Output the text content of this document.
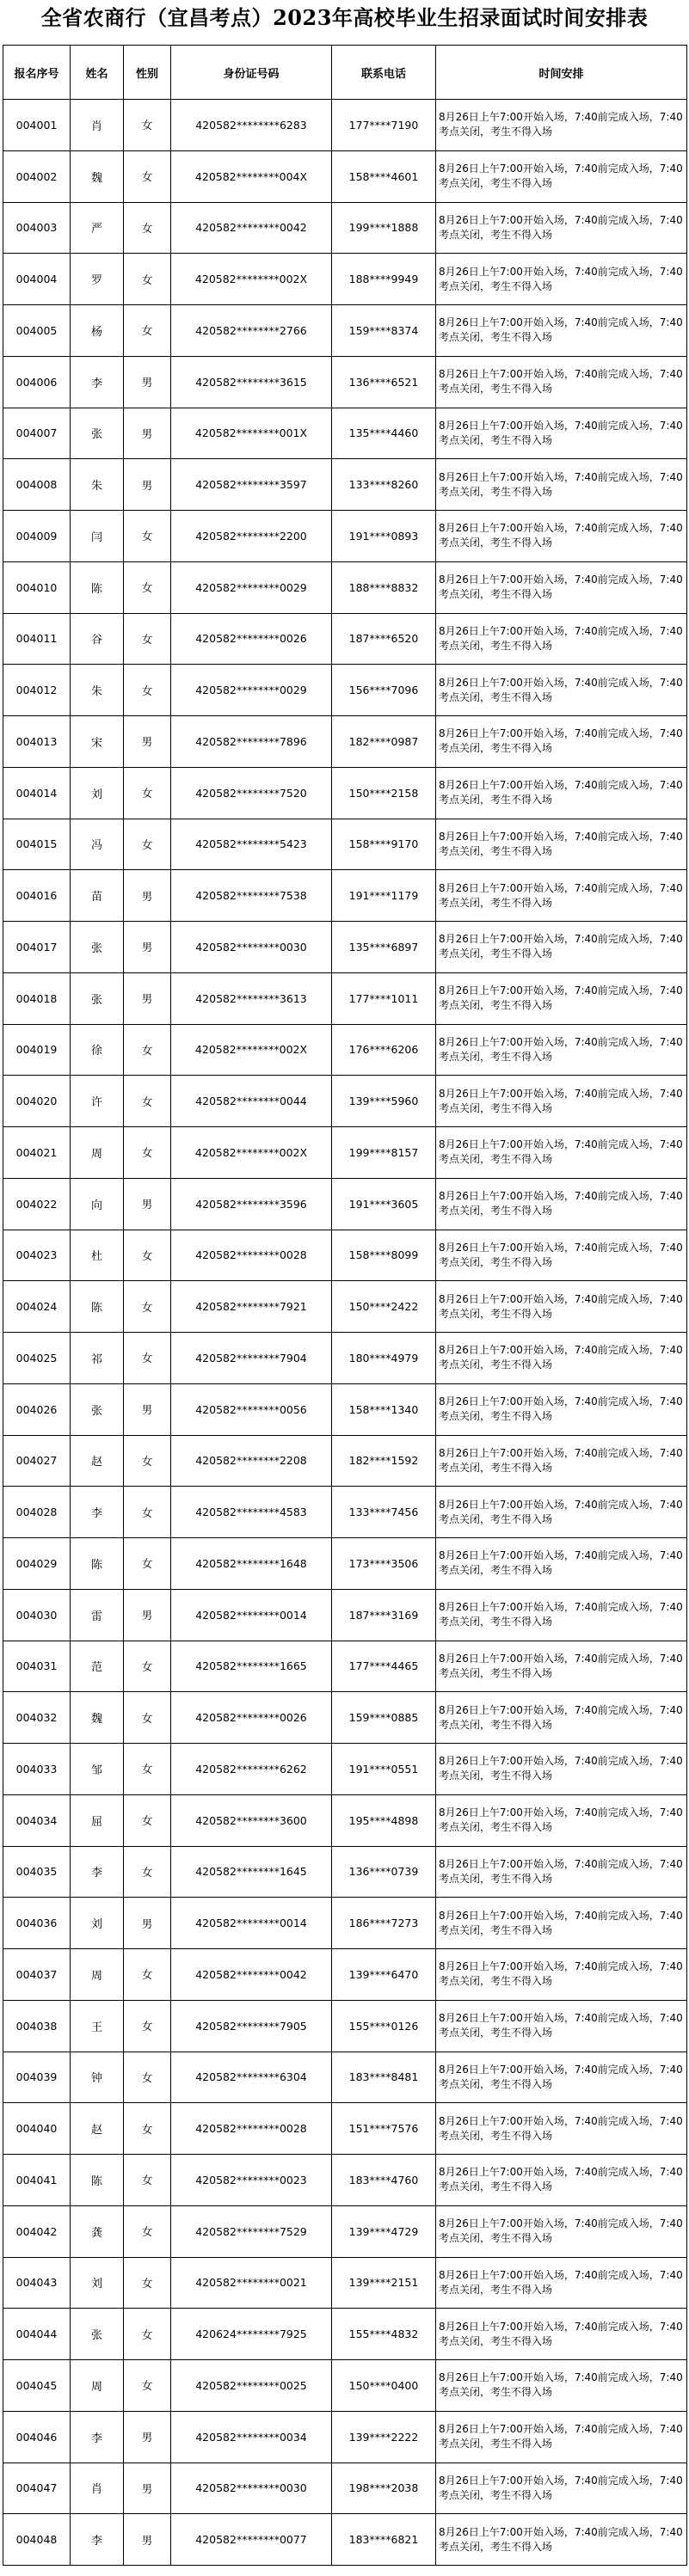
全省农商行（宜昌考点）2023年高校毕业生招录面试时间安排表
报名序号	姓名	性别	身份证号码	联系电话	时间安排
004001	肖	女	420582********6283	177****7190	8月26日上午7:00开始入场，7:40前完成入场，7:40考点关闭，考生不得入场
004002	魏	女	420582********004X	158****4601	8月26日上午7:00开始入场，7:40前完成入场，7:40考点关闭，考生不得入场
004003	严	女	420582********0042	199****1888	8月26日上午7:00开始入场，7:40前完成入场，7:40考点关闭，考生不得入场
004004	罗	女	420582********002X	188****9949	8月26日上午7:00开始入场，7:40前完成入场，7:40考点关闭，考生不得入场
004005	杨	女	420582********2766	159****8374	8月26日上午7:00开始入场，7:40前完成入场，7:40考点关闭，考生不得入场
004006	李	男	420582********3615	136****6521	8月26日上午7:00开始入场，7:40前完成入场，7:40考点关闭，考生不得入场
004007	张	男	420582********001X	135****4460	8月26日上午7:00开始入场，7:40前完成入场，7:40考点关闭，考生不得入场
004008	朱	男	420582********3597	133****8260	8月26日上午7:00开始入场，7:40前完成入场，7:40考点关闭，考生不得入场
004009	闫	女	420582********2200	191****0893	8月26日上午7:00开始入场，7:40前完成入场，7:40考点关闭，考生不得入场
004010	陈	女	420582********0029	188****8832	8月26日上午7:00开始入场，7:40前完成入场，7:40考点关闭，考生不得入场
004011	谷	女	420582********0026	187****6520	8月26日上午7:00开始入场，7:40前完成入场，7:40考点关闭，考生不得入场
004012	朱	女	420582********0029	156****7096	8月26日上午7:00开始入场，7:40前完成入场，7:40考点关闭，考生不得入场
004013	宋	男	420582********7896	182****0987	8月26日上午7:00开始入场，7:40前完成入场，7:40考点关闭，考生不得入场
004014	刘	女	420582********7520	150****2158	8月26日上午7:00开始入场，7:40前完成入场，7:40考点关闭，考生不得入场
004015	冯	女	420582********5423	158****9170	8月26日上午7:00开始入场，7:40前完成入场，7:40考点关闭，考生不得入场
004016	苗	男	420582********7538	191****1179	8月26日上午7:00开始入场，7:40前完成入场，7:40考点关闭，考生不得入场
004017	张	男	420582********0030	135****6897	8月26日上午7:00开始入场，7:40前完成入场，7:40考点关闭，考生不得入场
004018	张	男	420582********3613	177****1011	8月26日上午7:00开始入场，7:40前完成入场，7:40考点关闭，考生不得入场
004019	徐	女	420582********002X	176****6206	8月26日上午7:00开始入场，7:40前完成入场，7:40考点关闭，考生不得入场
004020	许	女	420582********0044	139****5960	8月26日上午7:00开始入场，7:40前完成入场，7:40考点关闭，考生不得入场
004021	周	女	420582********002X	199****8157	8月26日上午7:00开始入场，7:40前完成入场，7:40考点关闭，考生不得入场
004022	向	男	420582********3596	191****3605	8月26日上午7:00开始入场，7:40前完成入场，7:40考点关闭，考生不得入场
004023	杜	女	420582********0028	158****8099	8月26日上午7:00开始入场，7:40前完成入场，7:40考点关闭，考生不得入场
004024	陈	女	420582********7921	150****2422	8月26日上午7:00开始入场，7:40前完成入场，7:40考点关闭，考生不得入场
004025	祁	女	420582********7904	180****4979	8月26日上午7:00开始入场，7:40前完成入场，7:40考点关闭，考生不得入场
004026	张	男	420582********0056	158****1340	8月26日上午7:00开始入场，7:40前完成入场，7:40考点关闭，考生不得入场
004027	赵	女	420582********2208	182****1592	8月26日上午7:00开始入场，7:40前完成入场，7:40考点关闭，考生不得入场
004028	李	女	420582********4583	133****7456	8月26日上午7:00开始入场，7:40前完成入场，7:40考点关闭，考生不得入场
004029	陈	女	420582********1648	173****3506	8月26日上午7:00开始入场，7:40前完成入场，7:40考点关闭，考生不得入场
004030	雷	男	420582********0014	187****3169	8月26日上午7:00开始入场，7:40前完成入场，7:40考点关闭，考生不得入场
004031	范	女	420582********1665	177****4465	8月26日上午7:00开始入场，7:40前完成入场，7:40考点关闭，考生不得入场
004032	魏	女	420582********0026	159****0885	8月26日上午7:00开始入场，7:40前完成入场，7:40考点关闭，考生不得入场
004033	邹	女	420582********6262	191****0551	8月26日上午7:00开始入场，7:40前完成入场，7:40考点关闭，考生不得入场
004034	屈	女	420582********3600	195****4898	8月26日上午7:00开始入场，7:40前完成入场，7:40考点关闭，考生不得入场
004035	李	女	420582********1645	136****0739	8月26日上午7:00开始入场，7:40前完成入场，7:40考点关闭，考生不得入场
004036	刘	男	420582********0014	186****7273	8月26日上午7:00开始入场，7:40前完成入场，7:40考点关闭，考生不得入场
004037	周	女	420582********0042	139****6470	8月26日上午7:00开始入场，7:40前完成入场，7:40考点关闭，考生不得入场
004038	王	女	420582********7905	155****0126	8月26日上午7:00开始入场，7:40前完成入场，7:40考点关闭，考生不得入场
004039	钟	女	420582********6304	183****8481	8月26日上午7:00开始入场，7:40前完成入场，7:40考点关闭，考生不得入场
004040	赵	女	420582********0028	151****7576	8月26日上午7:00开始入场，7:40前完成入场，7:40考点关闭，考生不得入场
004041	陈	女	420582********0023	183****4760	8月26日上午7:00开始入场，7:40前完成入场，7:40考点关闭，考生不得入场
004042	龚	女	420582********7529	139****4729	8月26日上午7:00开始入场，7:40前完成入场，7:40考点关闭，考生不得入场
004043	刘	女	420582********0021	139****2151	8月26日上午7:00开始入场，7:40前完成入场，7:40考点关闭，考生不得入场
004044	张	女	420624********7925	155****4832	8月26日上午7:00开始入场，7:40前完成入场，7:40考点关闭，考生不得入场
004045	周	女	420582********0025	150****0400	8月26日上午7:00开始入场，7:40前完成入场，7:40考点关闭，考生不得入场
004046	李	男	420582********0034	139****2222	8月26日上午7:00开始入场，7:40前完成入场，7:40考点关闭，考生不得入场
004047	肖	男	420582********0030	198****2038	8月26日上午7:00开始入场，7:40前完成入场，7:40考点关闭，考生不得入场
004048	李	男	420582********0077	183****6821	8月26日上午7:00开始入场，7:40前完成入场，7:40考点关闭，考生不得入场
